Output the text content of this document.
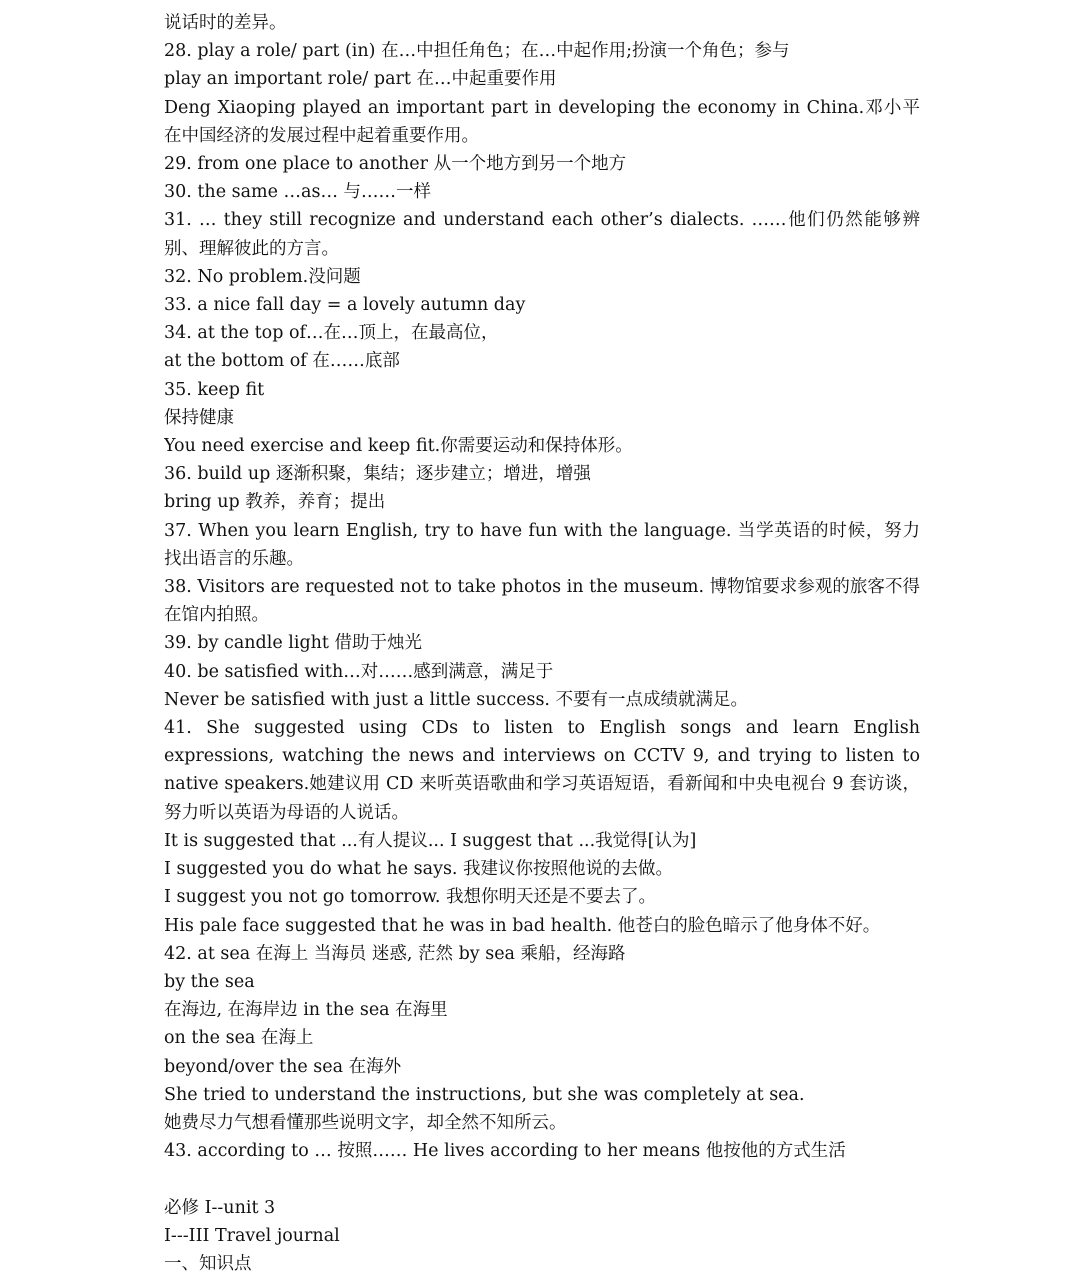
说话时的差异。
28. play a role/ part (in) 在…中担任角色；在…中起作用;扮演一个角色；参与
play an important role/ part 在…中起重要作用
Deng Xiaoping played an important part in developing the economy in China.邓小平在中国经济的发展过程中起着重要作用。
29. from one place to another 从一个地方到另一个地方
30. the same …as… 与……一样
31. … they still recognize and understand each other’s dialects. ……他们仍然能够辨别、理解彼此的方言。
32. No problem.没问题
33. a nice fall day = a lovely autumn day
34. at the top of…在…顶上，在最高位，
at the bottom of 在……底部
35. keep fit
保持健康
You need exercise and keep fit.你需要运动和保持体形。
36. build up 逐渐积聚，集结；逐步建立；增进，增强
bring up 教养，养育；提出
37. When you learn English, try to have fun with the language. 当学英语的时候，努力找出语言的乐趣。
38. Visitors are requested not to take photos in the museum. 博物馆要求参观的旅客不得在馆内拍照。
39. by candle light 借助于烛光
40. be satisfied with…对……感到满意，满足于
Never be satisfied with just a little success. 不要有一点成绩就满足。
41. She suggested using CDs to listen to English songs and learn English expressions, watching the news and interviews on CCTV 9, and trying to listen to native speakers.她建议用 CD 来听英语歌曲和学习英语短语，看新闻和中央电视台 9 套访谈，努力听以英语为母语的人说话。
It is suggested that ...有人提议... I suggest that ...我觉得[认为]
I suggested you do what he says. 我建议你按照他说的去做。
I suggest you not go tomorrow. 我想你明天还是不要去了。
His pale face suggested that he was in bad health. 他苍白的脸色暗示了他身体不好。
42. at sea 在海上 当海员 迷惑, 茫然 by sea 乘船，经海路
by the sea
在海边, 在海岸边 in the sea 在海里
on the sea 在海上
beyond/over the sea 在海外
She tried to understand the instructions, but she was completely at sea.
她费尽力气想看懂那些说明文字，却全然不知所云。
43. according to … 按照…… He lives according to her means 他按他的方式生活
必修 I--unit 3
I---III Travel journal
一、知识点
